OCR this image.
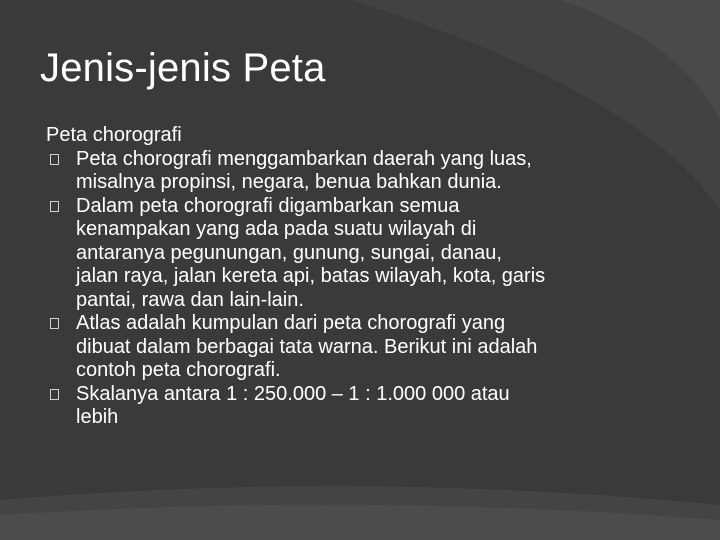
Jenis-jenis Peta
Peta chorografi
Peta chorografi menggambarkan daerah yang luas,
misalnya propinsi, negara, benua bahkan dunia.
Dalam peta chorografi digambarkan semua
kenampakan yang ada pada suatu wilayah di
antaranya pegunungan, gunung, sungai, danau,
jalan raya, jalan kereta api, batas wilayah, kota, garis
pantai, rawa dan lain-lain.
Atlas adalah kumpulan dari peta chorografi yang
dibuat dalam berbagai tata warna. Berikut ini adalah
contoh peta chorografi.
Skalanya antara 1 : 250.000 – 1 : 1.000 000 atau
lebih
